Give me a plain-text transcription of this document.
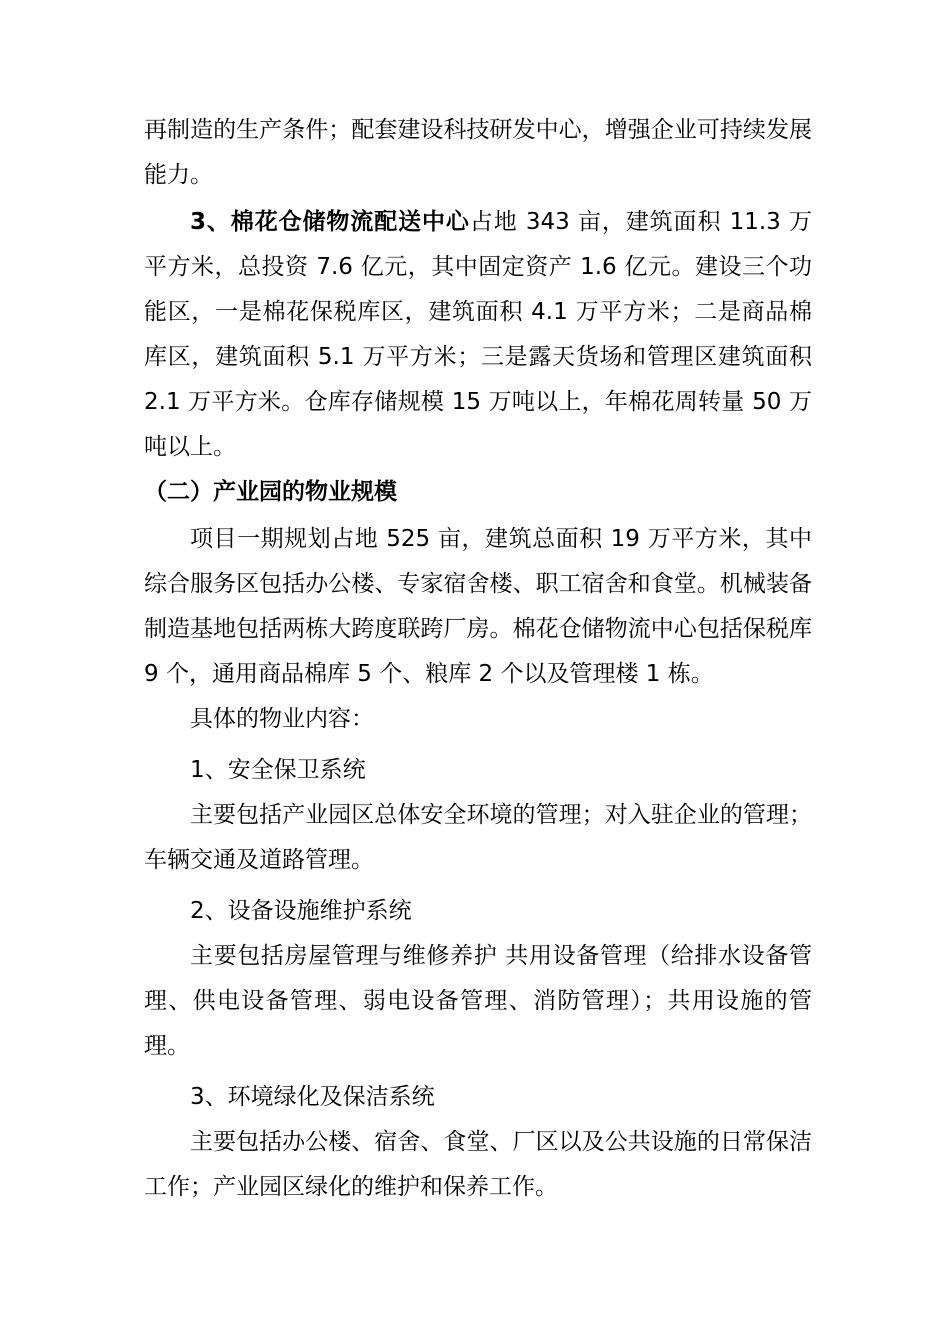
再制造的生产条件；配套建设科技研发中心，增强企业可持续发展能力。

3、棉花仓储物流配送中心占地 343 亩，建筑面积 11.3 万平方米，总投资 7.6 亿元，其中固定资产 1.6 亿元。建设三个功能区，一是棉花保税库区，建筑面积 4.1 万平方米；二是商品棉库区，建筑面积 5.1 万平方米；三是露天货场和管理区建筑面积 2.1 万平方米。仓库存储规模 15 万吨以上，年棉花周转量 50 万吨以上。

（二）产业园的物业规模

项目一期规划占地 525 亩，建筑总面积 19 万平方米，其中综合服务区包括办公楼、专家宿舍楼、职工宿舍和食堂。机械装备制造基地包括两栋大跨度联跨厂房。棉花仓储物流中心包括保税库 9 个，通用商品棉库 5 个、粮库 2 个以及管理楼 1 栋。

具体的物业内容：

1、安全保卫系统

主要包括产业园区总体安全环境的管理；对入驻企业的管理；车辆交通及道路管理。

2、设备设施维护系统

主要包括房屋管理与维修养护 共用设备管理（给排水设备管理、供电设备管理、弱电设备管理、消防管理）；共用设施的管理。

3、环境绿化及保洁系统

主要包括办公楼、宿舍、食堂、厂区以及公共设施的日常保洁工作；产业园区绿化的维护和保养工作。
